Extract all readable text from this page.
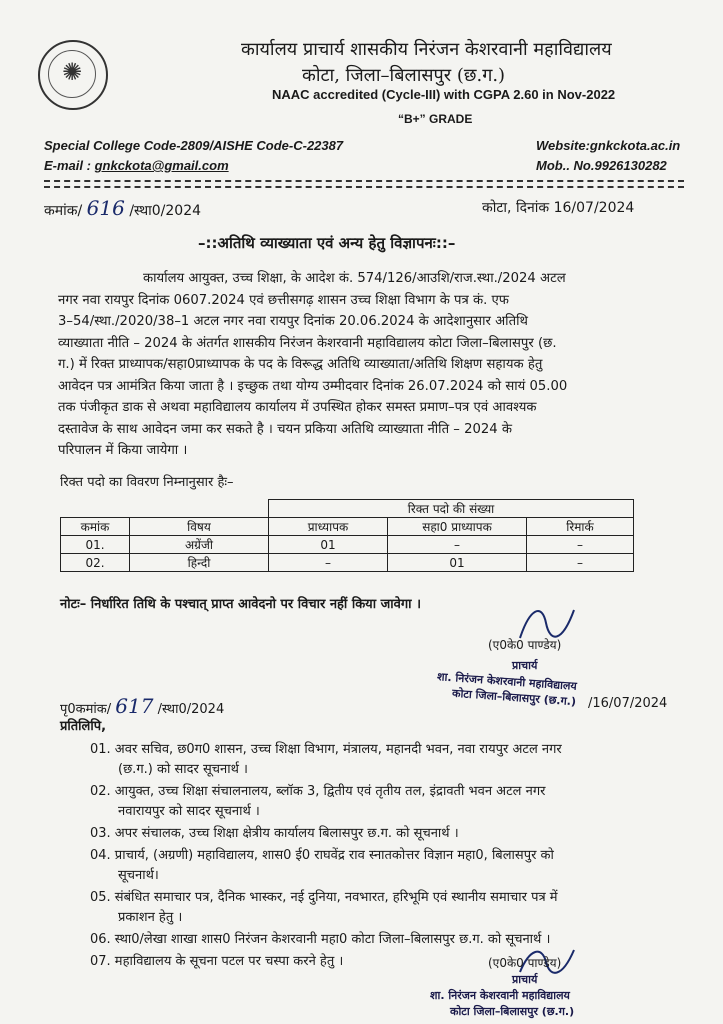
✺
कार्यालय प्राचार्य शासकीय निरंजन केशरवानी महाविद्यालय
कोटा, जिला–बिलासपुर (छ.ग.)
NAAC accredited (Cycle-III) with CGPA 2.60 in Nov-2022
“B+” GRADE
Special College Code-2809/AISHE Code-C-22387	Website:gnkckota.ac.in
E-mail : gnkckota@gmail.com	Mob.. No.9926130282
कमांक/ 616 /स्था0/2024	कोटा, दिनांक 16/07/2024
–::अतिथि व्याख्याता एवं अन्य हेतु विज्ञापनः::–
कार्यालय आयुक्त, उच्च शिक्षा, के आदेश कं. 574/126/आउशि/राज.स्था./2024 अटल
नगर नवा रायपुर दिनांक 0607.2024 एवं छत्तीसगढ़ शासन उच्च शिक्षा विभाग के पत्र कं. एफ
3–54/स्था./2020/38–1 अटल नगर नवा रायपुर दिनांक 20.06.2024 के आदेशानुसार अतिथि
व्याख्याता नीति – 2024 के अंतर्गत शासकीय निरंजन केशरवानी महाविद्यालय कोटा जिला–बिलासपुर (छ.
ग.) में रिक्त प्राध्यापक/सहा0प्राध्यापक के पद के विरूद्ध अतिथि व्याख्याता/अतिथि शिक्षण सहायक हेतु
आवेदन पत्र आमंत्रित किया जाता है । इच्छुक तथा योग्य उम्मीदवार दिनांक 26.07.2024 को सायं 05.00
तक पंजीकृत डाक से अथवा महाविद्यालय कार्यालय में उपस्थित होकर समस्त प्रमाण–पत्र एवं आवश्यक
दस्तावेज के साथ आवेदन जमा कर सकते है । चयन प्रकिया अतिथि व्याख्याता नीति – 2024 के
परिपालन में किया जायेगा ।
रिक्त पदो का विवरण निम्नानुसार हैः–
		रिक्त पदो की संख्या		
कमांक	विषय	प्राध्यापक	सहा0 प्राध्यापक	रिमार्क
01.	अग्रेंजी	01	–	–
02.	हिन्दी	–	01	–
नोटः– निर्धारित तिथि के पश्चात् प्राप्त आवेदनो पर विचार नहीं किया जावेगा ।
(ए0के0 पाण्डेय)
प्राचार्य
शा. निरंजन केशरवानी महाविद्यालय
कोटा जिला–बिलासपुर (छ.ग.)
पृ0कमांक/ 617 /स्था0/2024	/16/07/2024
प्रतिलिपि,
01. अवर सचिव, छ0ग0 शासन, उच्च शिक्षा विभाग, मंत्रालय, महानदी भवन, नवा रायपुर अटल नगर
(छ.ग.) को सादर सूचनार्थ ।
02. आयुक्त, उच्च शिक्षा संचालनालय, ब्लॉक 3, द्वितीय एवं तृतीय तल, इंद्रावती भवन अटल नगर
नवारायपुर को सादर सूचनार्थ ।
03. अपर संचालक, उच्च शिक्षा क्षेत्रीय कार्यालय बिलासपुर छ.ग. को सूचनार्थ ।
04. प्राचार्य, (अग्रणी) महाविद्यालय, शास0 ई0 राघवेंद्र राव स्नातकोत्तर विज्ञान महा0, बिलासपुर को
सूचनार्थ।
05. संबंधित समाचार पत्र, दैनिक भास्कर, नई दुनिया, नवभारत, हरिभूमि एवं स्थानीय समाचार पत्र में
प्रकाशन हेतु ।
06. स्था0/लेखा शाखा शास0 निरंजन केशरवानी महा0 कोटा जिला–बिलासपुर छ.ग. को सूचनार्थ ।
07. महाविद्यालय के सूचना पटल पर चस्पा करने हेतु ।	(ए0के0 पाण्डेय)
प्राचार्य
शा. निरंजन केशरवानी महाविद्यालय
कोटा जिला–बिलासपुर (छ.ग.)
